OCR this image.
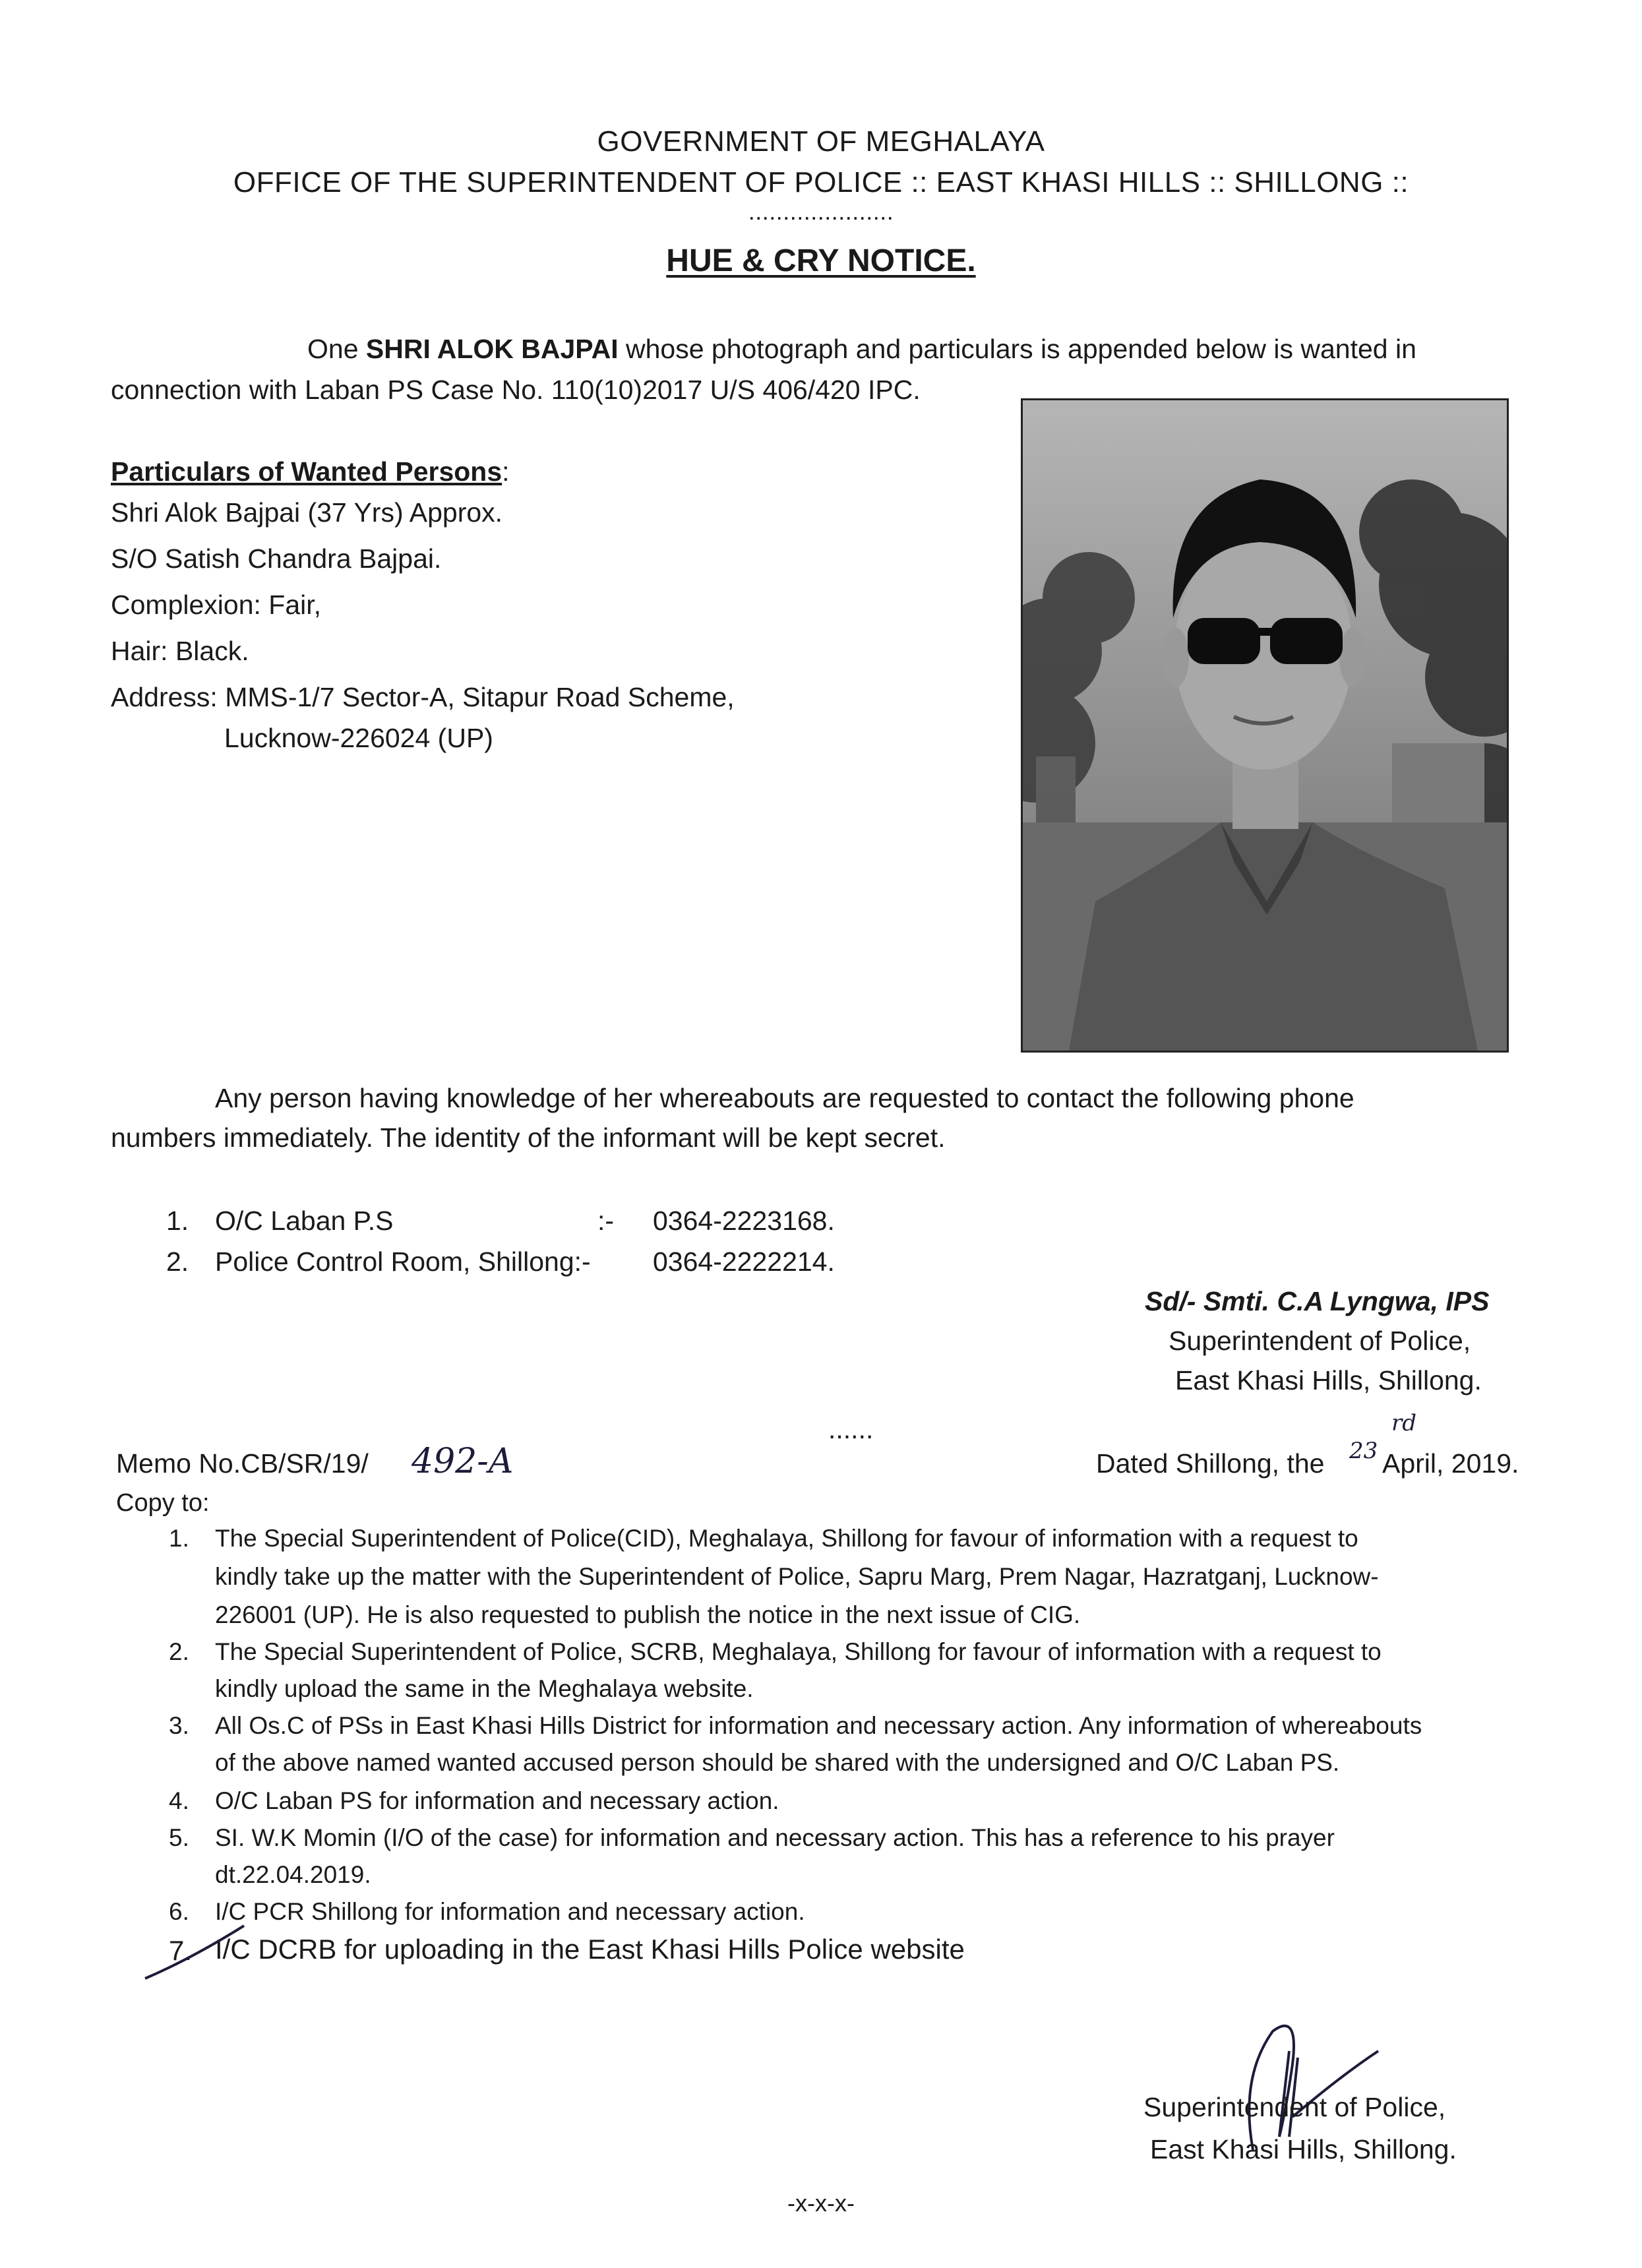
GOVERNMENT OF MEGHALAYA
OFFICE OF THE SUPERINTENDENT OF POLICE :: EAST KHASI HILLS :: SHILLONG ::
.....................
HUE & CRY NOTICE.
One SHRI ALOK BAJPAI whose photograph and particulars is appended below is wanted in
connection with Laban PS Case No. 110(10)2017 U/S 406/420 IPC.
Particulars of Wanted Persons:
Shri Alok Bajpai (37 Yrs) Approx.
S/O Satish Chandra Bajpai.
Complexion: Fair,
Hair: Black.
Address: MMS-1/7 Sector-A, Sitapur Road Scheme,
Lucknow-226024 (UP)
Any person having knowledge of her whereabouts are requested to contact the following phone
numbers immediately. The identity of the informant will be kept secret.
1. O/C Laban P.S	:- 0364-2223168.
2. Police Control Room, Shillong:- 0364-2222214.
Sd/- Smti. C.A Lyngwa, IPS
Superintendent of Police,
East Khasi Hills, Shillong.
......
Memo No.CB/SR/19/ 492-A	Dated Shillong, the 23
rd
April, 2019.
Copy to:
1. The Special Superintendent of Police(CID), Meghalaya, Shillong for favour of information with a request to
kindly take up the matter with the Superintendent of Police, Sapru Marg, Prem Nagar, Hazratganj, Lucknow-
226001 (UP). He is also requested to publish the notice in the next issue of CIG.
2. The Special Superintendent of Police, SCRB, Meghalaya, Shillong for favour of information with a request to
kindly upload the same in the Meghalaya website.
3. All Os.C of PSs in East Khasi Hills District for information and necessary action. Any information of whereabouts
of the above named wanted accused person should be shared with the undersigned and O/C Laban PS.
4. O/C Laban PS for information and necessary action.
5. SI. W.K Momin (I/O of the case) for information and necessary action. This has a reference to his prayer
dt.22.04.2019.
6. I/C PCR Shillong for information and necessary action.
7. I/C DCRB for uploading in the East Khasi Hills Police website
Superintendent of Police,
East Khasi Hills, Shillong.
-x-x-x-
